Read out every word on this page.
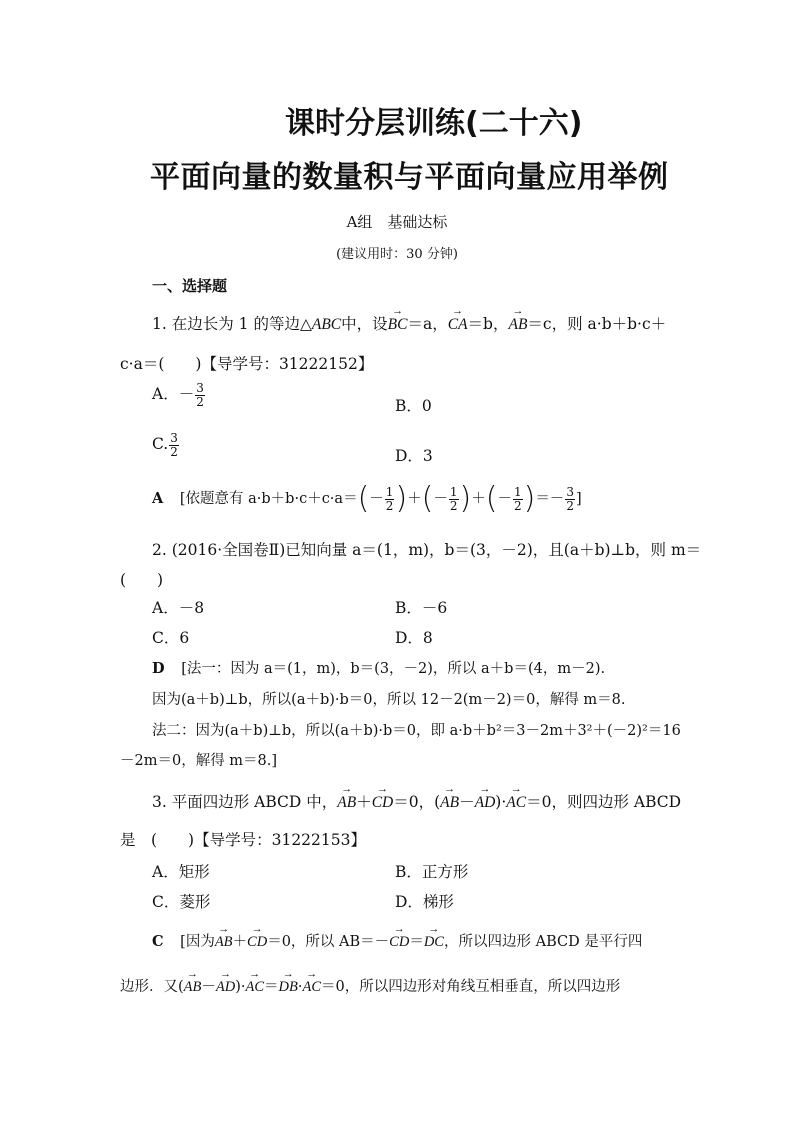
课时分层训练(二十六)
平面向量的数量积与平面向量应用举例
A组　基础达标
(建议用时：30 分钟)
一、选择题
1. 在边长为 1 的等边△ABC中，设→ BC＝a，→ CA＝b，→ AB＝c，则 a·b＋b·c＋
c·a＝(　　)【导学号：31222152】
A．－ $\frac{3}{2}$	B．0
C. $\frac{3}{2}$	D．3
A [依题意有 $a\cdot b+b\cdot c+c\cdot a=(- \frac{1}{2}$ )＋(－ $\frac{1}{2}$ )＋(－ $\frac{1}{2}$ )＝－ $\frac{3}{2}$ ]
2. (2016·全国卷Ⅱ)已知向量 a＝(1，m)，b＝(3，－2)，且(a＋b)⊥b，则 m＝
(　　)
A．－8	B．－6
C．6	D．8
D [法一：因为 a＝(1，m)，b＝(3，－2)，所以 a＋b＝(4，m－2).
因为(a＋b)⊥b，所以(a＋b)·b＝0，所以 12－2(m－2)＝0，解得 m＝8.
法二：因为(a＋b)⊥b，所以(a＋b)·b＝0，即 a·b＋b²＝3－2m＋3²＋(－2)²＝16
－2m＝0，解得 m＝8.]
3. 平面四边形 ABCD 中，→ AB＋→ CD＝0，(→ AB－→ AD)·→ AC＝0，则四边形 ABCD
是　(　　)【导学号：31222153】
A．矩形	B．正方形
C．菱形	D．梯形
C [因为→ AB＋→ CD＝0，所以 AB＝－→ CD＝→ DC，所以四边形 ABCD 是平行四
边形．又(→ AB－→ AD)·→ AC＝→ DB·→ AC＝0，所以四边形对角线互相垂直，所以四边形
